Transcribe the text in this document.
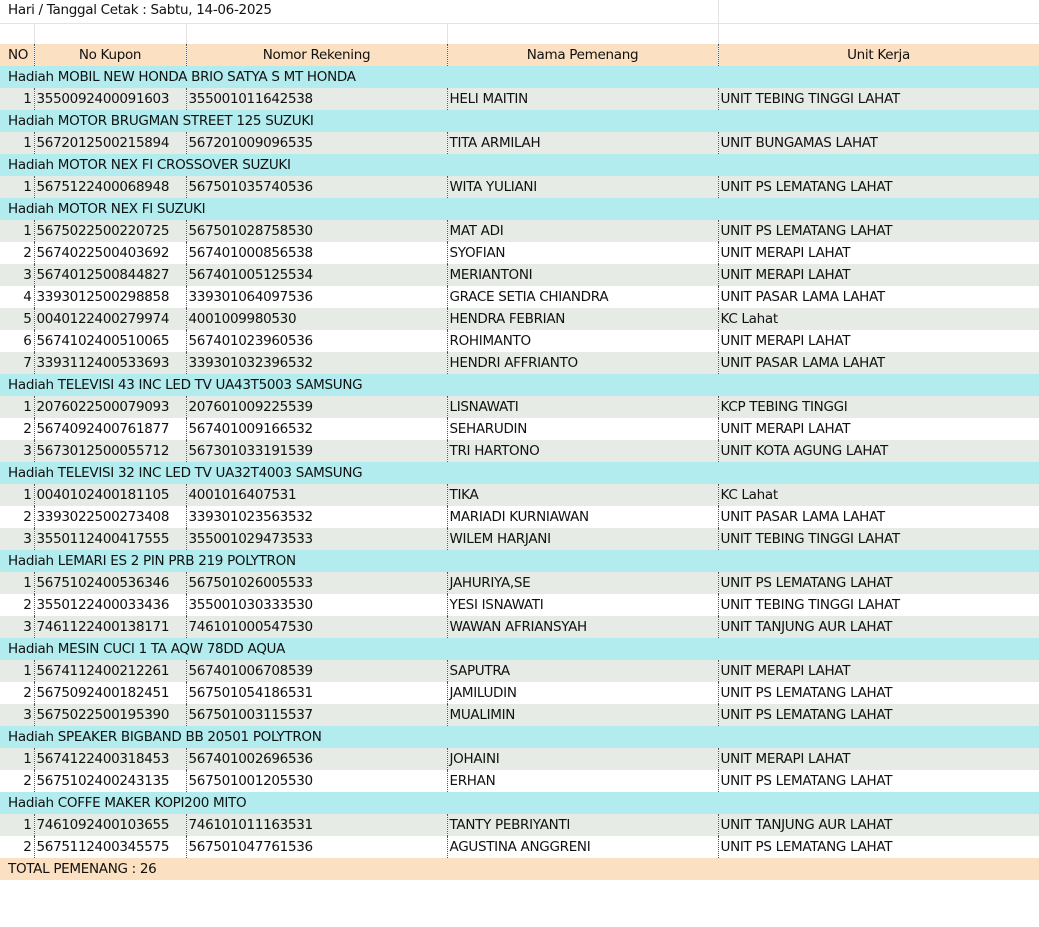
Hari / Tanggal Cetak : Sabtu, 14-06-2025
NO	No Kupon	Nomor Rekening	Nama Pemenang	Unit Kerja
Hadiah MOBIL NEW HONDA BRIO SATYA S MT HONDA				
1	3550092400091603	355001011642538	HELI MAITIN	UNIT TEBING TINGGI LAHAT
Hadiah MOTOR BRUGMAN STREET 125 SUZUKI				
1	5672012500215894	567201009096535	TITA ARMILAH	UNIT BUNGAMAS LAHAT
Hadiah MOTOR NEX FI CROSSOVER SUZUKI				
1	5675122400068948	567501035740536	WITA YULIANI	UNIT PS LEMATANG LAHAT
Hadiah MOTOR NEX FI SUZUKI				
1	5675022500220725	567501028758530	MAT ADI	UNIT PS LEMATANG LAHAT
2	5674022500403692	567401000856538	SYOFIAN	UNIT MERAPI LAHAT
3	5674012500844827	567401005125534	MERIANTONI	UNIT MERAPI LAHAT
4	3393012500298858	339301064097536	GRACE SETIA CHIANDRA	UNIT PASAR LAMA LAHAT
5	0040122400279974	4001009980530	HENDRA FEBRIAN	KC Lahat
6	5674102400510065	567401023960536	ROHIMANTO	UNIT MERAPI LAHAT
7	3393112400533693	339301032396532	HENDRI AFFRIANTO	UNIT PASAR LAMA LAHAT
Hadiah TELEVISI 43 INC LED TV UA43T5003 SAMSUNG				
1	2076022500079093	207601009225539	LISNAWATI	KCP TEBING TINGGI
2	5674092400761877	567401009166532	SEHARUDIN	UNIT MERAPI LAHAT
3	5673012500055712	567301033191539	TRI HARTONO	UNIT KOTA AGUNG LAHAT
Hadiah TELEVISI 32 INC LED TV UA32T4003 SAMSUNG				
1	0040102400181105	4001016407531	TIKA	KC Lahat
2	3393022500273408	339301023563532	MARIADI KURNIAWAN	UNIT PASAR LAMA LAHAT
3	3550112400417555	355001029473533	WILEM HARJANI	UNIT TEBING TINGGI LAHAT
Hadiah LEMARI ES 2 PIN PRB 219 POLYTRON				
1	5675102400536346	567501026005533	JAHURIYA,SE	UNIT PS LEMATANG LAHAT
2	3550122400033436	355001030333530	YESI ISNAWATI	UNIT TEBING TINGGI LAHAT
3	7461122400138171	746101000547530	WAWAN AFRIANSYAH	UNIT TANJUNG AUR LAHAT
Hadiah MESIN CUCI 1 TA AQW 78DD AQUA				
1	5674112400212261	567401006708539	SAPUTRA	UNIT MERAPI LAHAT
2	5675092400182451	567501054186531	JAMILUDIN	UNIT PS LEMATANG LAHAT
3	5675022500195390	567501003115537	MUALIMIN	UNIT PS LEMATANG LAHAT
Hadiah SPEAKER BIGBAND BB 20501 POLYTRON				
1	5674122400318453	567401002696536	JOHAINI	UNIT MERAPI LAHAT
2	5675102400243135	567501001205530	ERHAN	UNIT PS LEMATANG LAHAT
Hadiah COFFE MAKER KOPI200 MITO				
1	7461092400103655	746101011163531	TANTY PEBRIYANTI	UNIT TANJUNG AUR LAHAT
2	5675112400345575	567501047761536	AGUSTINA ANGGRENI	UNIT PS LEMATANG LAHAT
TOTAL PEMENANG : 26				
